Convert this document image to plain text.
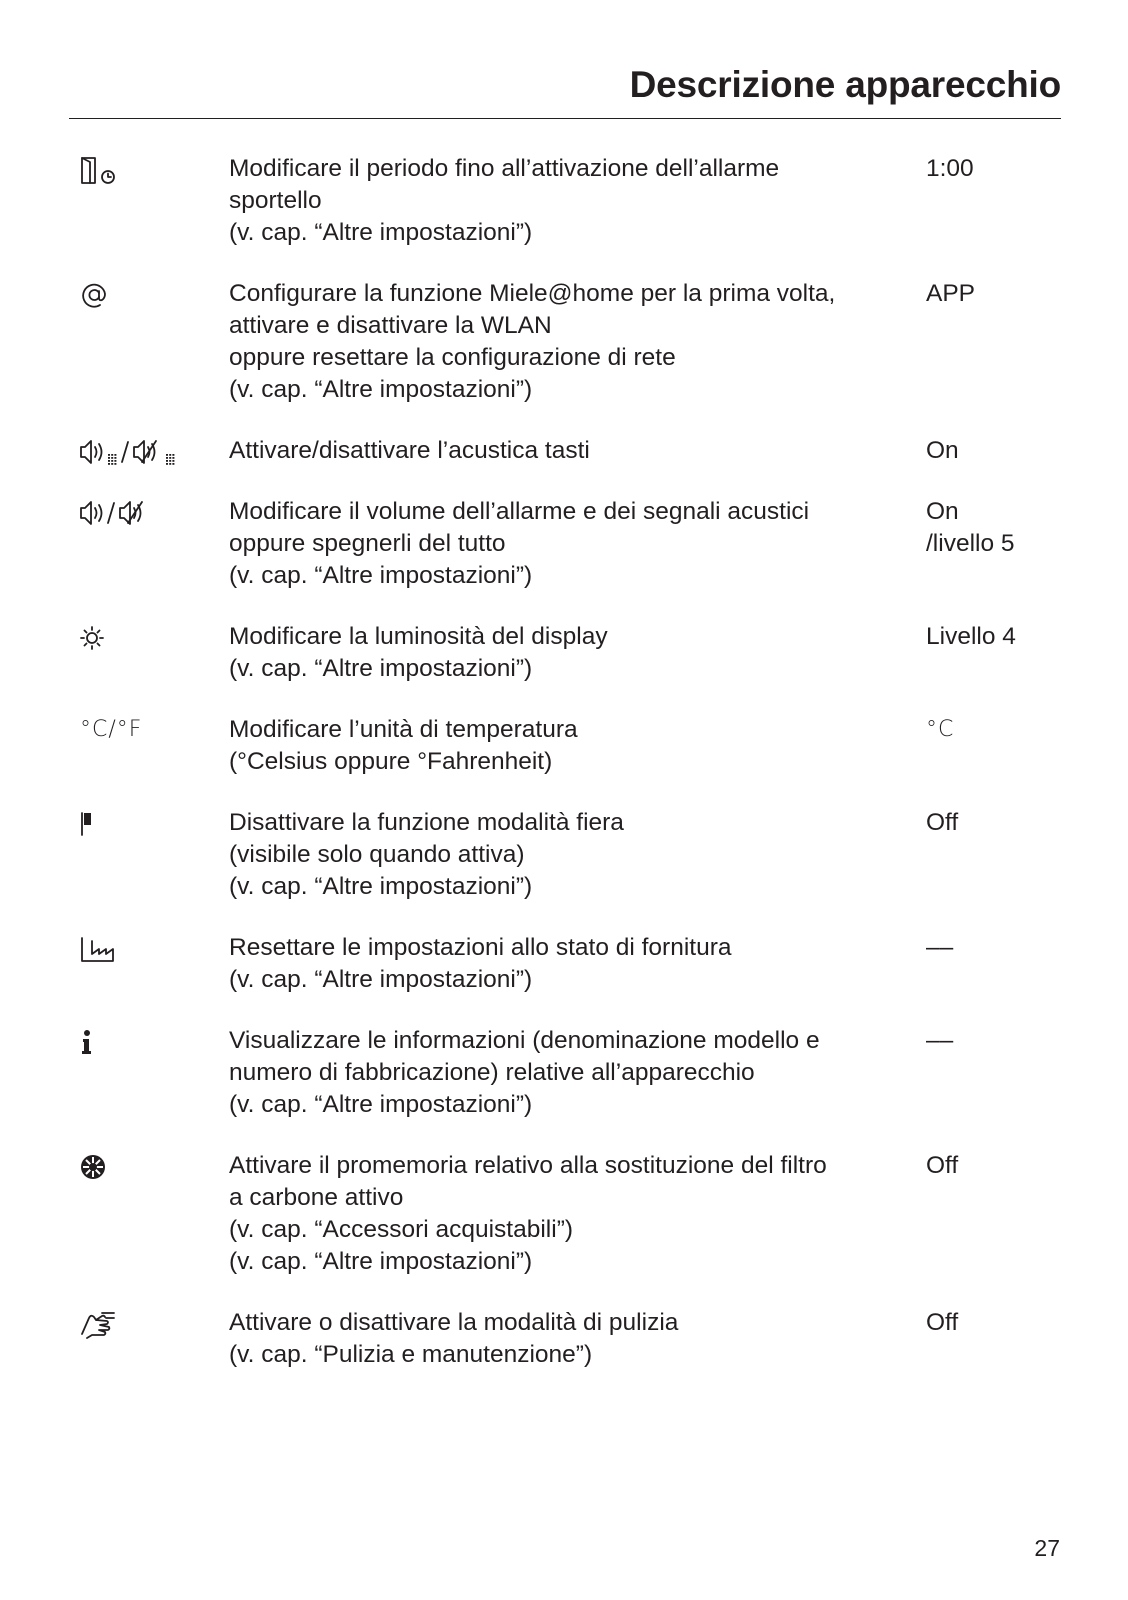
Descrizione apparecchio
Modificare il periodo fino all’attivazione dell’allarme
sportello
(v. cap. “Altre impostazioni”)
1:00
Configurare la funzione Miele@home per la prima volta,
attivare e disattivare la WLAN
oppure resettare la configurazione di rete
(v. cap. “Altre impostazioni”)
APP
Attivare/disattivare l’acustica tasti	On
Modificare il volume dell’allarme e dei segnali acustici
oppure spegnerli del tutto
(v. cap. “Altre impostazioni”)
On
/livello 5
Modificare la luminosità del display
(v. cap. “Altre impostazioni”)
Livello 4
°C/°F	Modificare l’unità di temperatura
(°Celsius oppure °Fahrenheit)
°C
Disattivare la funzione modalità fiera
(visibile solo quando attiva)
(v. cap. “Altre impostazioni”)
Off
Resettare le impostazioni allo stato di fornitura
(v. cap. “Altre impostazioni”)
––
Visualizzare le informazioni (denominazione modello e
numero di fabbricazione) relative all’apparecchio
(v. cap. “Altre impostazioni”)
––
Attivare il promemoria relativo alla sostituzione del filtro
a carbone attivo
(v. cap. “Accessori acquistabili”)
(v. cap. “Altre impostazioni”)
Off
Attivare o disattivare la modalità di pulizia
(v. cap. “Pulizia e manutenzione”)
Off
27
